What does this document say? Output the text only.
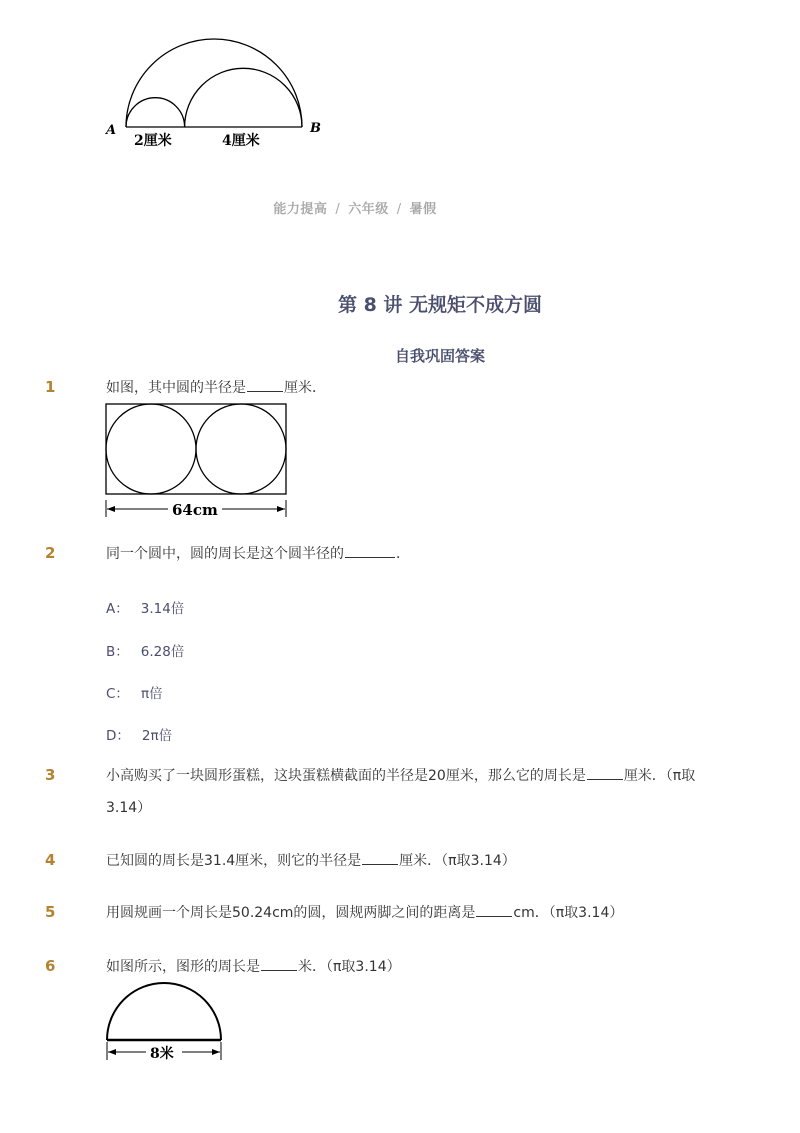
A	B
2厘米	4厘米
能力提高 / 六年级 / 暑假
第 8 讲 无规矩不成方圆
自我巩固答案
1	如图，其中圆的半径是	厘米．
64cm
2	同一个圆中，圆的周长是这个圆半径的	．
A： 3.14倍
B： 6.28倍
C： π倍
D： 2π倍
3	小高购买了一块圆形蛋糕，这块蛋糕横截面的半径是20厘米，那么它的周长是	厘米．（π取3.14）
4	已知圆的周长是31.4厘米，则它的半径是	厘米．（π取3.14）
5	用圆规画一个周长是50.24cm的圆，圆规两脚之间的距离是	cm．（π取3.14）
6	如图所示，图形的周长是	米．（π取3.14）
8米
